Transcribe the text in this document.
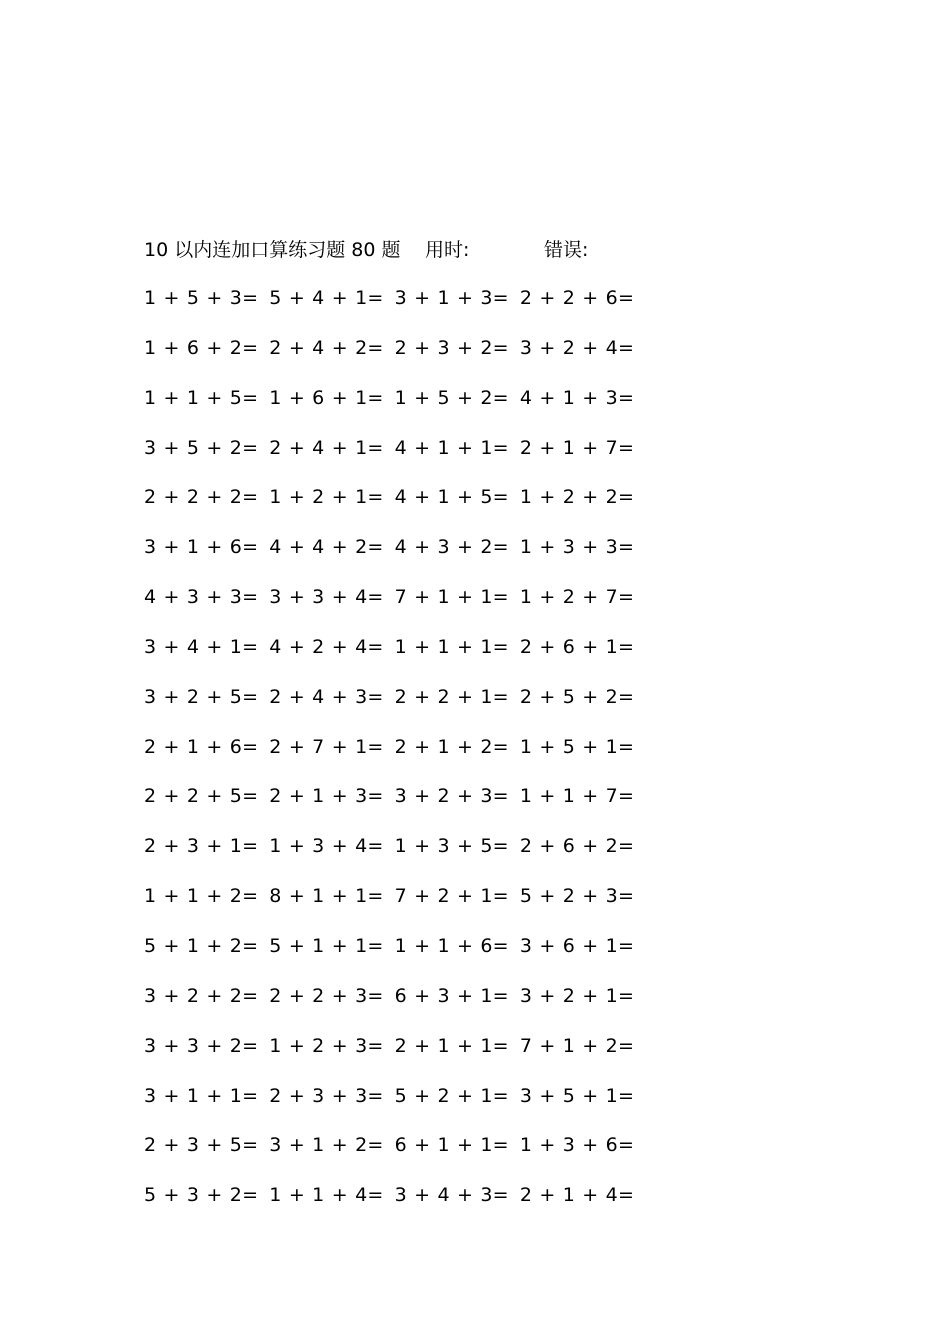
10 以内连加口算练习题 80 题 用时:	错误:
1 + 5 + 3= 5 + 4 + 1= 3 + 1 + 3= 2 + 2 + 6=
1 + 6 + 2= 2 + 4 + 2= 2 + 3 + 2= 3 + 2 + 4=
1 + 1 + 5= 1 + 6 + 1= 1 + 5 + 2= 4 + 1 + 3=
3 + 5 + 2= 2 + 4 + 1= 4 + 1 + 1= 2 + 1 + 7=
2 + 2 + 2= 1 + 2 + 1= 4 + 1 + 5= 1 + 2 + 2=
3 + 1 + 6= 4 + 4 + 2= 4 + 3 + 2= 1 + 3 + 3=
4 + 3 + 3= 3 + 3 + 4= 7 + 1 + 1= 1 + 2 + 7=
3 + 4 + 1= 4 + 2 + 4= 1 + 1 + 1= 2 + 6 + 1=
3 + 2 + 5= 2 + 4 + 3= 2 + 2 + 1= 2 + 5 + 2=
2 + 1 + 6= 2 + 7 + 1= 2 + 1 + 2= 1 + 5 + 1=
2 + 2 + 5= 2 + 1 + 3= 3 + 2 + 3= 1 + 1 + 7=
2 + 3 + 1= 1 + 3 + 4= 1 + 3 + 5= 2 + 6 + 2=
1 + 1 + 2= 8 + 1 + 1= 7 + 2 + 1= 5 + 2 + 3=
5 + 1 + 2= 5 + 1 + 1= 1 + 1 + 6= 3 + 6 + 1=
3 + 2 + 2= 2 + 2 + 3= 6 + 3 + 1= 3 + 2 + 1=
3 + 3 + 2= 1 + 2 + 3= 2 + 1 + 1= 7 + 1 + 2=
3 + 1 + 1= 2 + 3 + 3= 5 + 2 + 1= 3 + 5 + 1=
2 + 3 + 5= 3 + 1 + 2= 6 + 1 + 1= 1 + 3 + 6=
5 + 3 + 2= 1 + 1 + 4= 3 + 4 + 3= 2 + 1 + 4=
